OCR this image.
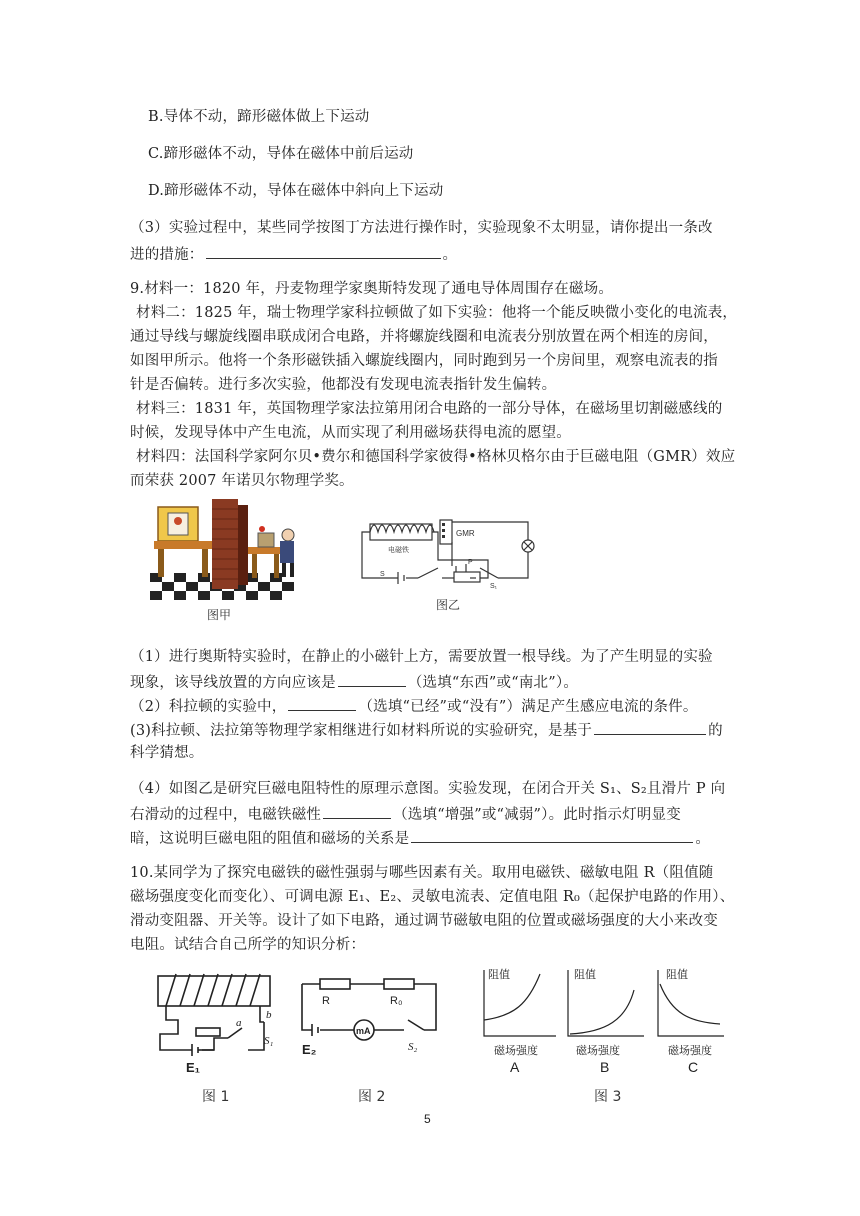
B.导体不动，蹄形磁体做上下运动
C.蹄形磁体不动，导体在磁体中前后运动
D.蹄形磁体不动，导体在磁体中斜向上下运动
（3）实验过程中，某些同学按图丁方法进行操作时，实验现象不太明显，请你提出一条改
进的措施：	。
9.材料一：1820 年，丹麦物理学家奥斯特发现了通电导体周围存在磁场。
材料二：1825 年，瑞士物理学家科拉顿做了如下实验：他将一个能反映微小变化的电流表，
通过导线与螺旋线圈串联成闭合电路，并将螺旋线圈和电流表分别放置在两个相连的房间，
如图甲所示。他将一个条形磁铁插入螺旋线圈内，同时跑到另一个房间里，观察电流表的指
针是否偏转。进行多次实验，他都没有发现电流表指针发生偏转。
材料三：1831 年，英国物理学家法拉第用闭合电路的一部分导体，在磁场里切割磁感线的
时候，发现导体中产生电流，从而实现了利用磁场获得电流的愿望。
材料四：法国科学家阿尔贝•费尔和德国科学家彼得•格林贝格尔由于巨磁电阻（GMR）效应
而荣获 2007 年诺贝尔物理学奖。
图甲
GMR
电磁铁
P
S
S₁
图乙
（1）进行奥斯特实验时，在静止的小磁针上方，需要放置一根导线。为了产生明显的实验
现象，该导线放置的方向应该是	（选填“东西”或“南北”）。
（2）科拉顿的实验中，	（选填“已经”或“没有”）满足产生感应电流的条件。
(3)科拉顿、法拉第等物理学家相继进行如材料所说的实验研究，是基于	的
科学猜想。
（4）如图乙是研究巨磁电阻特性的原理示意图。实验发现，在闭合开关 S₁、S₂且滑片 P 向
右滑动的过程中，电磁铁磁性	（选填“增强”或“减弱”）。此时指示灯明显变
暗，这说明巨磁电阻的阻值和磁场的关系是	。
10.某同学为了探究电磁铁的磁性强弱与哪些因素有关。取用电磁铁、磁敏电阻 R（阻值随
磁场强度变化而变化）、可调电源 E₁、E₂、灵敏电流表、定值电阻 R₀（起保护电路的作用）、
滑动变阻器、开关等。设计了如下电路，通过调节磁敏电阻的位置或磁场强度的大小来改变
电阻。试结合自己所学的知识分析：
b
a
S₁
E₁
图 1
R	R₀
mA
E₂	S₂
图 2
阻值
磁场强度
A
阻值
磁场强度
B
阻值
磁场强度
C
图 3
5
